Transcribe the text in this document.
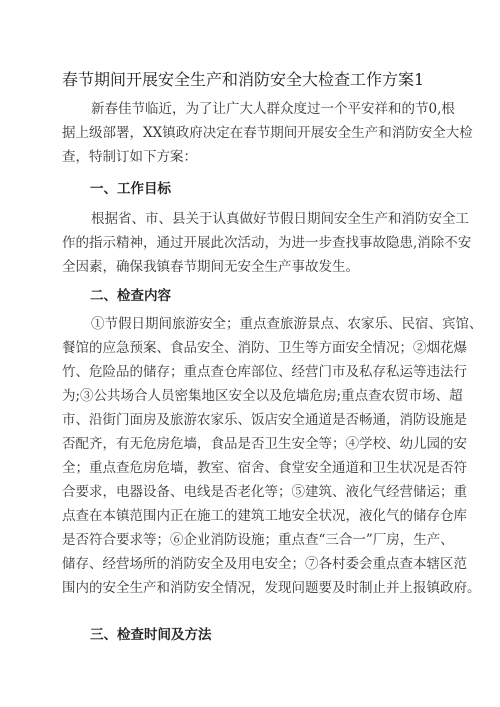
春节期间开展安全生产和消防安全大检查工作方案1
新春佳节临近，为了让广大人群众度过一个平安祥和的节0,根
据上级部署，XX镇政府决定在春节期间开展安全生产和消防安全大检
查，特制订如下方案：
一、工作目标
根据省、市、县关于认真做好节假日期间安全生产和消防安全工
作的指示精神，通过开展此次活动，为进一步查找事故隐患,消除不安
全因素，确保我镇春节期间无安全生产事故发生。
二、检查内容
①节假日期间旅游安全；重点查旅游景点、农家乐、民宿、宾馆、
餐馆的应急预案、食品安全、消防、卫生等方面安全情况；②烟花爆
竹、危险品的储存；重点查仓库部位、经营门市及私存私运等违法行
为;③公共场合人员密集地区安全以及危墙危房;重点查农贸市场、超
市、沿街门面房及旅游农家乐、饭店安全通道是否畅通，消防设施是
否配齐，有无危房危墙，食品是否卫生安全等；④学校、幼儿园的安
全；重点查危房危墙，教室、宿舍、食堂安全通道和卫生状况是否符
合要求，电器设备、电线是否老化等；⑤建筑、液化气经营储运；重
点查在本镇范围内正在施工的建筑工地安全状况，液化气的储存仓库
是否符合要求等；⑥企业消防设施；重点查“三合一”厂房，生产、
储存、经营场所的消防安全及用电安全；⑦各村委会重点查本辖区范
围内的安全生产和消防安全情况，发现问题要及时制止并上报镇政府。
三、检查时间及方法
